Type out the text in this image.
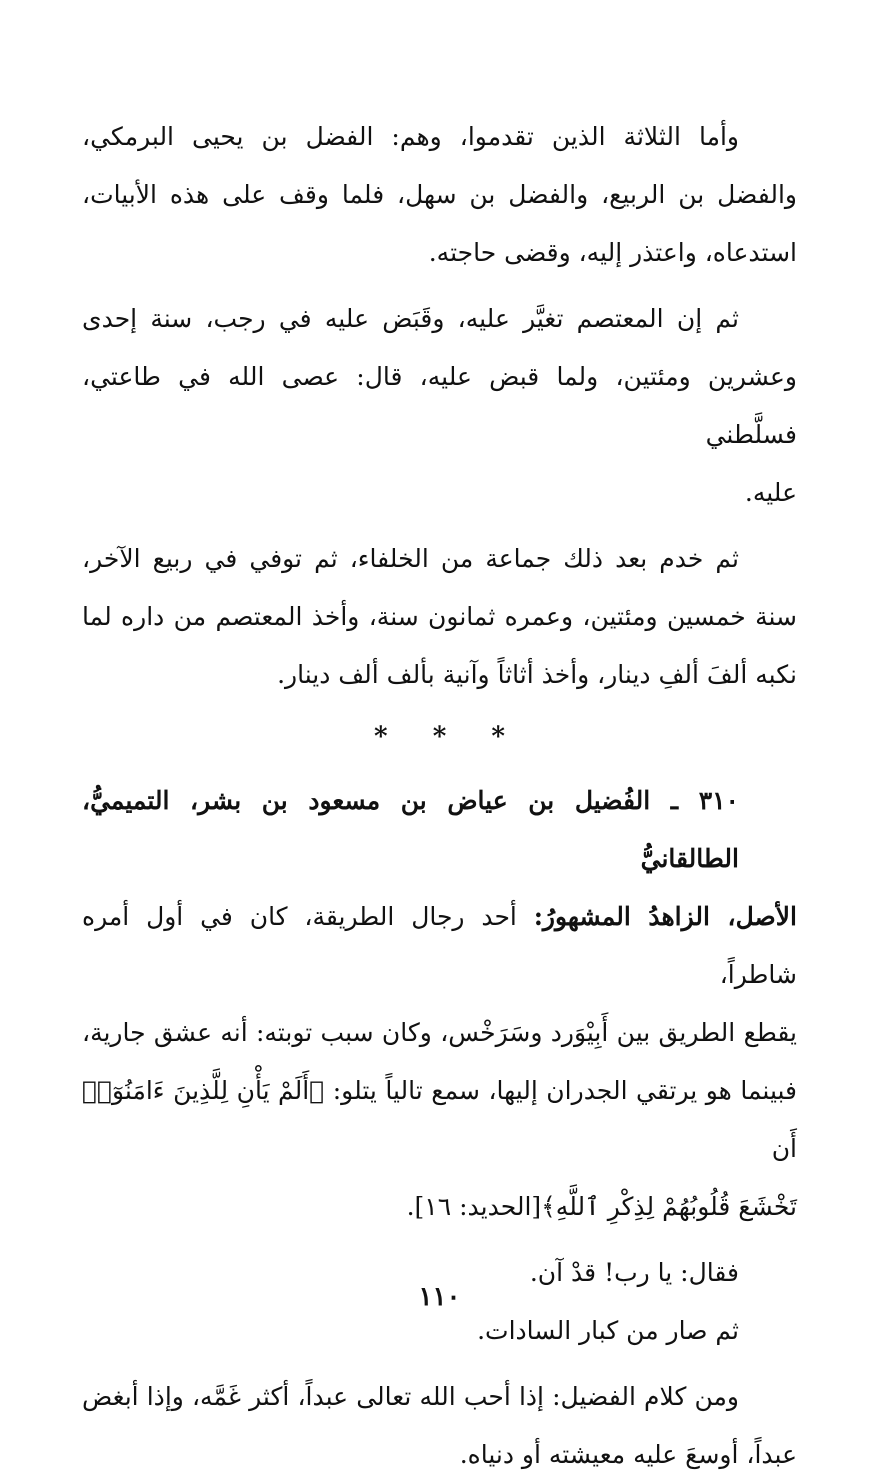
وأما الثلاثة الذين تقدموا، وهم: الفضل بن يحيى البرمكي،
والفضل بن الربيع، والفضل بن سهل، فلما وقف على هذه الأبيات،
استدعاه، واعتذر إليه، وقضى حاجته.
ثم إن المعتصم تغيَّر عليه، وقَبَض عليه في رجب، سنة إحدى
وعشرين ومئتين، ولما قبض عليه، قال: عصى الله في طاعتي، فسلَّطني
عليه.
ثم خدم بعد ذلك جماعة من الخلفاء، ثم توفي في ربيع الآخر،
سنة خمسين ومئتين، وعمره ثمانون سنة، وأخذ المعتصم من داره لما
نكبه ألفَ ألفِ دينار، وأخذ أثاثاً وآنية بألف ألف دينار.
* * *
٣١٠ ـ الفُضيل بن عياض بن مسعود بن بشر، التميميُّ، الطالقانيُّ
الأصل، الزاهدُ المشهورُ: أحد رجال الطريقة، كان في أول أمره شاطراً،
يقطع الطريق بين أَبِيْوَرد وسَرَخْس، وكان سبب توبته: أنه عشق جارية،
فبينما هو يرتقي الجدران إليها، سمع تالياً يتلو: ﴿أَلَمْ يَأْنِ لِلَّذِينَ ءَامَنُوٓا۟ أَن
تَخْشَعَ قُلُوبُهُمْ لِذِكْرِ ٱللَّهِ﴾[الحديد: ١٦].

فقال: يا رب! قدْ آن.

ثم صار من كبار السادات.

ومن كلام الفضيل: إذا أحب الله تعالى عبداً، أكثر غَمَّه، وإذا أبغض
عبداً، أوسعَ عليه معيشته أو دنياه.
١١٠
